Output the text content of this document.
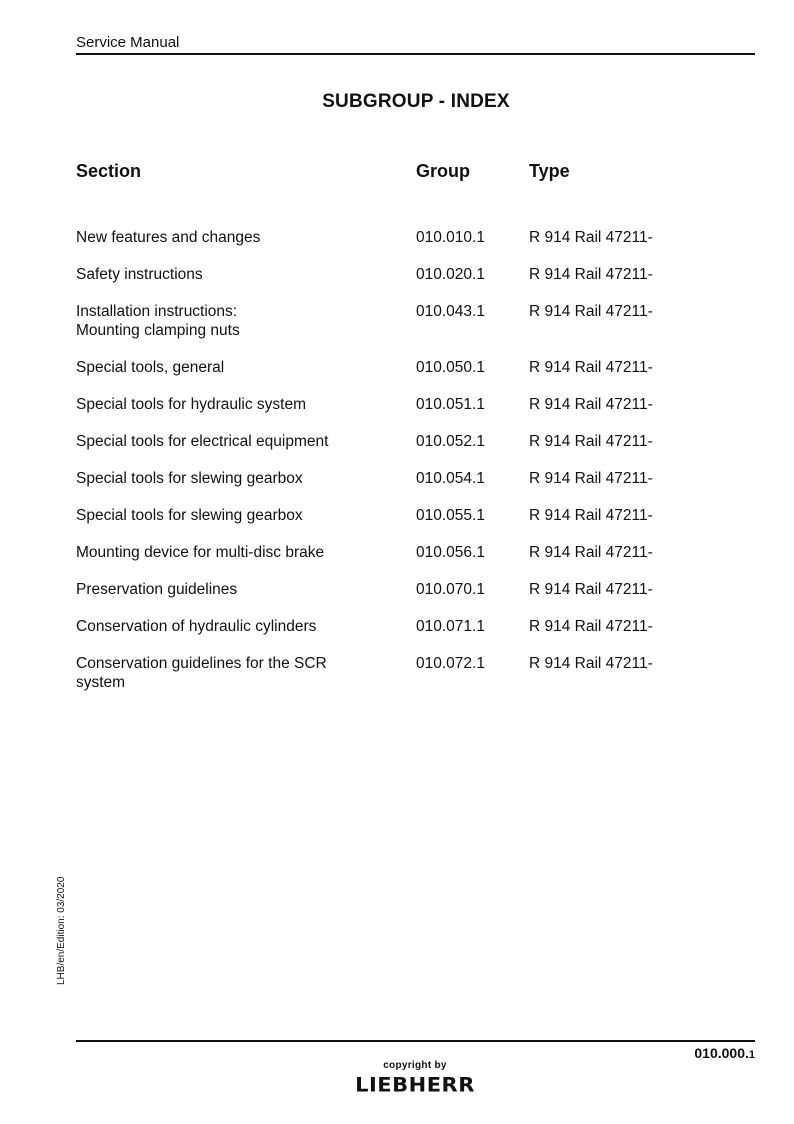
Service Manual
SUBGROUP - INDEX
Section	Group	Type
New features and changes	010.010.1	R 914 Rail 47211-
Safety instructions	010.020.1	R 914 Rail 47211-
Installation instructions:
Mounting clamping nuts
010.043.1	R 914 Rail 47211-
Special tools, general	010.050.1	R 914 Rail 47211-
Special tools for hydraulic system	010.051.1	R 914 Rail 47211-
Special tools for electrical equipment	010.052.1	R 914 Rail 47211-
Special tools for slewing gearbox	010.054.1	R 914 Rail 47211-
Special tools for slewing gearbox	010.055.1	R 914 Rail 47211-
Mounting device for multi-disc brake	010.056.1	R 914 Rail 47211-
Preservation guidelines	010.070.1	R 914 Rail 47211-
Conservation of hydraulic cylinders	010.071.1	R 914 Rail 47211-
Conservation guidelines for the SCR
system
010.072.1	R 914 Rail 47211-
LHB/en/Edition: 03/2020
010.000.1
copyright by
LIEBHERR
